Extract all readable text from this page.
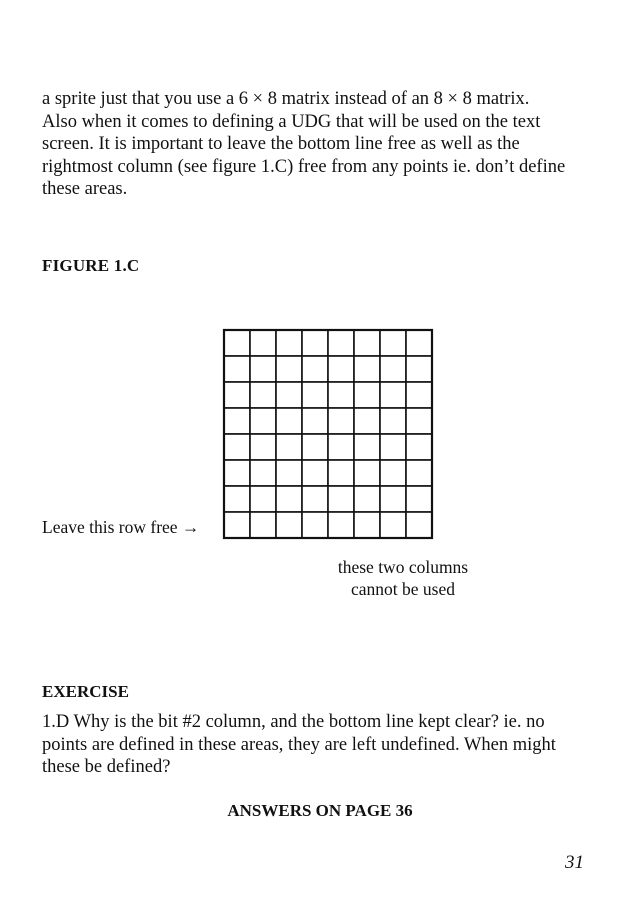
a sprite just that you use a 6 × 8 matrix instead of an 8 × 8 matrix.
Also when it comes to defining a UDG that will be used on the text
screen. It is important to leave the bottom line free as well as the
rightmost column (see figure 1.C) free from any points ie. don’t define
these areas.
FIGURE 1.C
Leave this row free →
these two columns
cannot be used
EXERCISE
1.D Why is the bit #2 column, and the bottom line kept clear? ie. no
points are defined in these areas, they are left undefined. When might
these be defined?
ANSWERS ON PAGE 36
31
